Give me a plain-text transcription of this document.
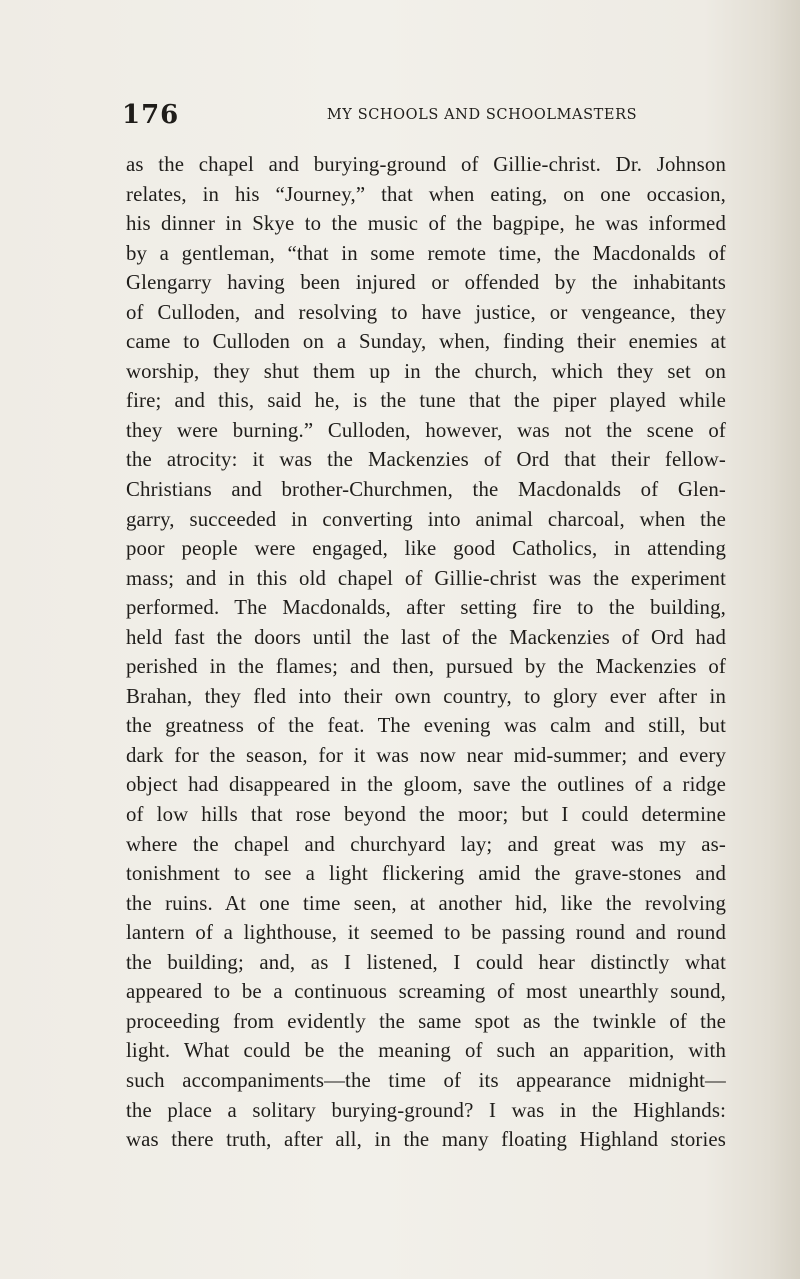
176	MY SCHOOLS AND SCHOOLMASTERS
as the chapel and burying-ground of Gillie-christ. Dr. Johnson
relates, in his “Journey,” that when eating, on one occasion,
his dinner in Skye to the music of the bagpipe, he was informed
by a gentleman, “that in some remote time, the Macdonalds of
Glengarry having been injured or offended by the inhabitants
of Culloden, and resolving to have justice, or vengeance, they
came to Culloden on a Sunday, when, finding their enemies at
worship, they shut them up in the church, which they set on
fire; and this, said he, is the tune that the piper played while
they were burning.” Culloden, however, was not the scene of
the atrocity: it was the Mackenzies of Ord that their fellow-
Christians and brother-Churchmen, the Macdonalds of Glen-
garry, succeeded in converting into animal charcoal, when the
poor people were engaged, like good Catholics, in attending
mass; and in this old chapel of Gillie-christ was the experiment
performed. The Macdonalds, after setting fire to the building,
held fast the doors until the last of the Mackenzies of Ord had
perished in the flames; and then, pursued by the Mackenzies of
Brahan, they fled into their own country, to glory ever after in
the greatness of the feat. The evening was calm and still, but
dark for the season, for it was now near mid-summer; and every
object had disappeared in the gloom, save the outlines of a ridge
of low hills that rose beyond the moor; but I could determine
where the chapel and churchyard lay; and great was my as-
tonishment to see a light flickering amid the grave-stones and
the ruins. At one time seen, at another hid, like the revolving
lantern of a lighthouse, it seemed to be passing round and round
the building; and, as I listened, I could hear distinctly what
appeared to be a continuous screaming of most unearthly sound,
proceeding from evidently the same spot as the twinkle of the
light. What could be the meaning of such an apparition, with
such accompaniments—the time of its appearance midnight—
the place a solitary burying-ground? I was in the Highlands:
was there truth, after all, in the many floating Highland stories
